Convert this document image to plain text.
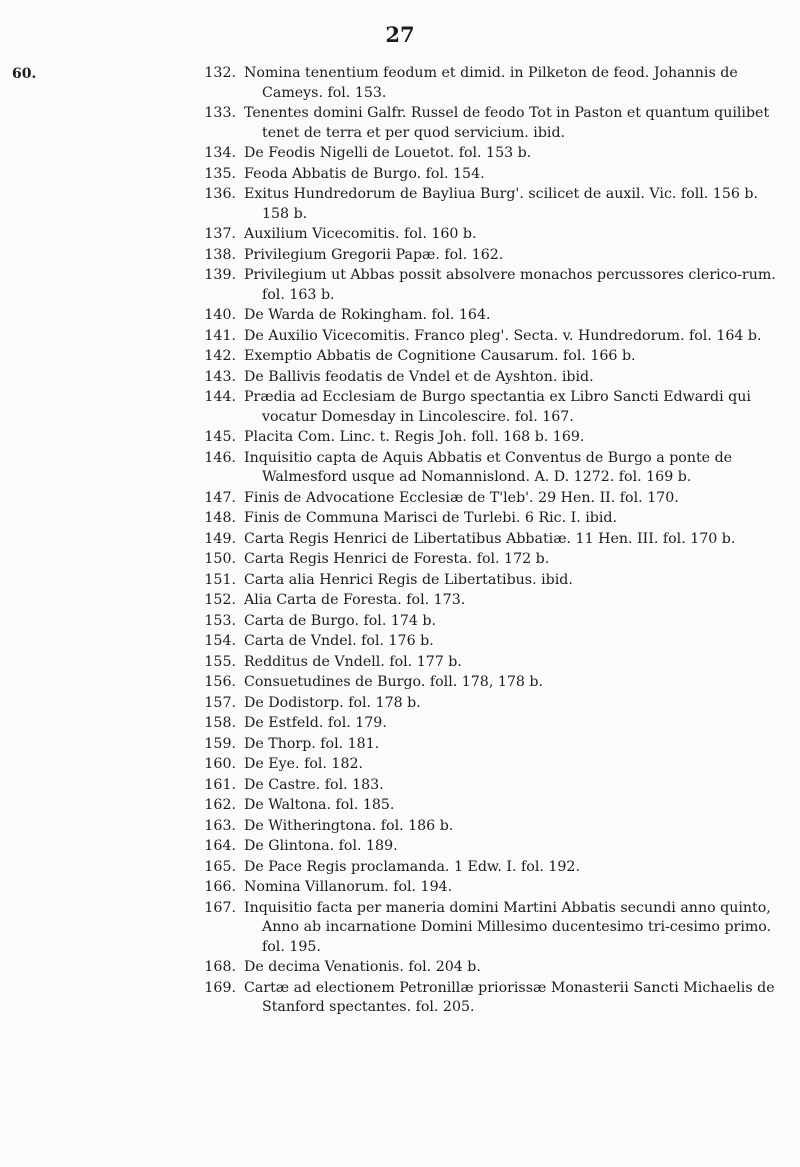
27
60.	132. Nomina tenentium feodum et dimid. in Pilketon de feod. Johannis de Cameys. fol. 153.
133. Tenentes domini Galfr. Russel de feodo Tot in Paston et quantum quilibet tenet de terra et per quod servicium. ibid.
134. De Feodis Nigelli de Louetot. fol. 153 b.
135. Feoda Abbatis de Burgo. fol. 154.
136. Exitus Hundredorum de Bayliua Burg'. scilicet de auxil. Vic. foll. 156 b. 158 b.
137. Auxilium Vicecomitis. fol. 160 b.
138. Privilegium Gregorii Papæ. fol. 162.
139. Privilegium ut Abbas possit absolvere monachos percussores clerico-rum. fol. 163 b.
140. De Warda de Rokingham. fol. 164.
141. De Auxilio Vicecomitis. Franco pleg'. Secta. v. Hundredorum. fol. 164 b.
142. Exemptio Abbatis de Cognitione Causarum. fol. 166 b.
143. De Ballivis feodatis de Vndel et de Ayshton. ibid.
144. Prædia ad Ecclesiam de Burgo spectantia ex Libro Sancti Edwardi qui vocatur Domesday in Lincolescire. fol. 167.
145. Placita Com. Linc. t. Regis Joh. foll. 168 b. 169.
146. Inquisitio capta de Aquis Abbatis et Conventus de Burgo a ponte de Walmesford usque ad Nomannislond. A. D. 1272. fol. 169 b.
147. Finis de Advocatione Ecclesiæ de T'leb'. 29 Hen. II. fol. 170.
148. Finis de Communa Marisci de Turlebi. 6 Ric. I. ibid.
149. Carta Regis Henrici de Libertatibus Abbatiæ. 11 Hen. III. fol. 170 b.
150. Carta Regis Henrici de Foresta. fol. 172 b.
151. Carta alia Henrici Regis de Libertatibus. ibid.
152. Alia Carta de Foresta. fol. 173.
153. Carta de Burgo. fol. 174 b.
154. Carta de Vndel. fol. 176 b.
155. Redditus de Vndell. fol. 177 b.
156. Consuetudines de Burgo. foll. 178, 178 b.
157. De Dodistorp. fol. 178 b.
158. De Estfeld. fol. 179.
159. De Thorp. fol. 181.
160. De Eye. fol. 182.
161. De Castre. fol. 183.
162. De Waltona. fol. 185.
163. De Witheringtona. fol. 186 b.
164. De Glintona. fol. 189.
165. De Pace Regis proclamanda. 1 Edw. I. fol. 192.
166. Nomina Villanorum. fol. 194.
167. Inquisitio facta per maneria domini Martini Abbatis secundi anno quinto, Anno ab incarnatione Domini Millesimo ducentesimo tri-cesimo primo. fol. 195.
168. De decima Venationis. fol. 204 b.
169. Cartæ ad electionem Petronillæ priorissæ Monasterii Sancti Michaelis de Stanford spectantes. fol. 205.
